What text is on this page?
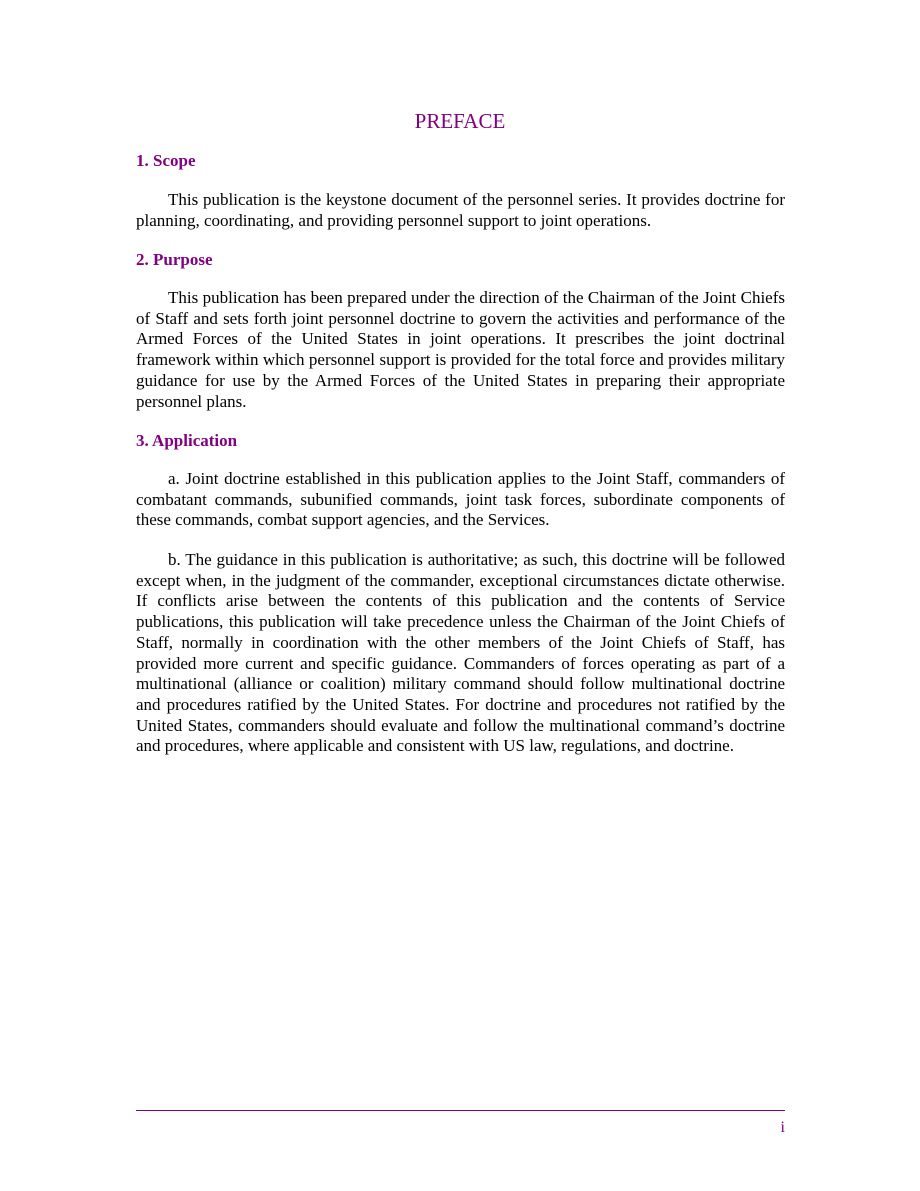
PREFACE
1. Scope

This publication is the keystone document of the personnel series. It provides doctrine for planning, coordinating, and providing personnel support to joint operations.

2. Purpose

This publication has been prepared under the direction of the Chairman of the Joint Chiefs of Staff and sets forth joint personnel doctrine to govern the activities and performance of the Armed Forces of the United States in joint operations. It prescribes the joint doctrinal framework within which personnel support is provided for the total force and provides military guidance for use by the Armed Forces of the United States in preparing their appropriate personnel plans.

3. Application

a. Joint doctrine established in this publication applies to the Joint Staff, commanders of combatant commands, subunified commands, joint task forces, subordinate components of these commands, combat support agencies, and the Services.

b. The guidance in this publication is authoritative; as such, this doctrine will be followed except when, in the judgment of the commander, exceptional circumstances dictate otherwise. If conflicts arise between the contents of this publication and the contents of Service publications, this publication will take precedence unless the Chairman of the Joint Chiefs of Staff, normally in coordination with the other members of the Joint Chiefs of Staff, has provided more current and specific guidance. Commanders of forces operating as part of a multinational (alliance or coalition) military command should follow multinational doctrine and procedures ratified by the United States. For doctrine and procedures not ratified by the United States, commanders should evaluate and follow the multinational command’s doctrine and procedures, where applicable and consistent with US law, regulations, and doctrine.

i
